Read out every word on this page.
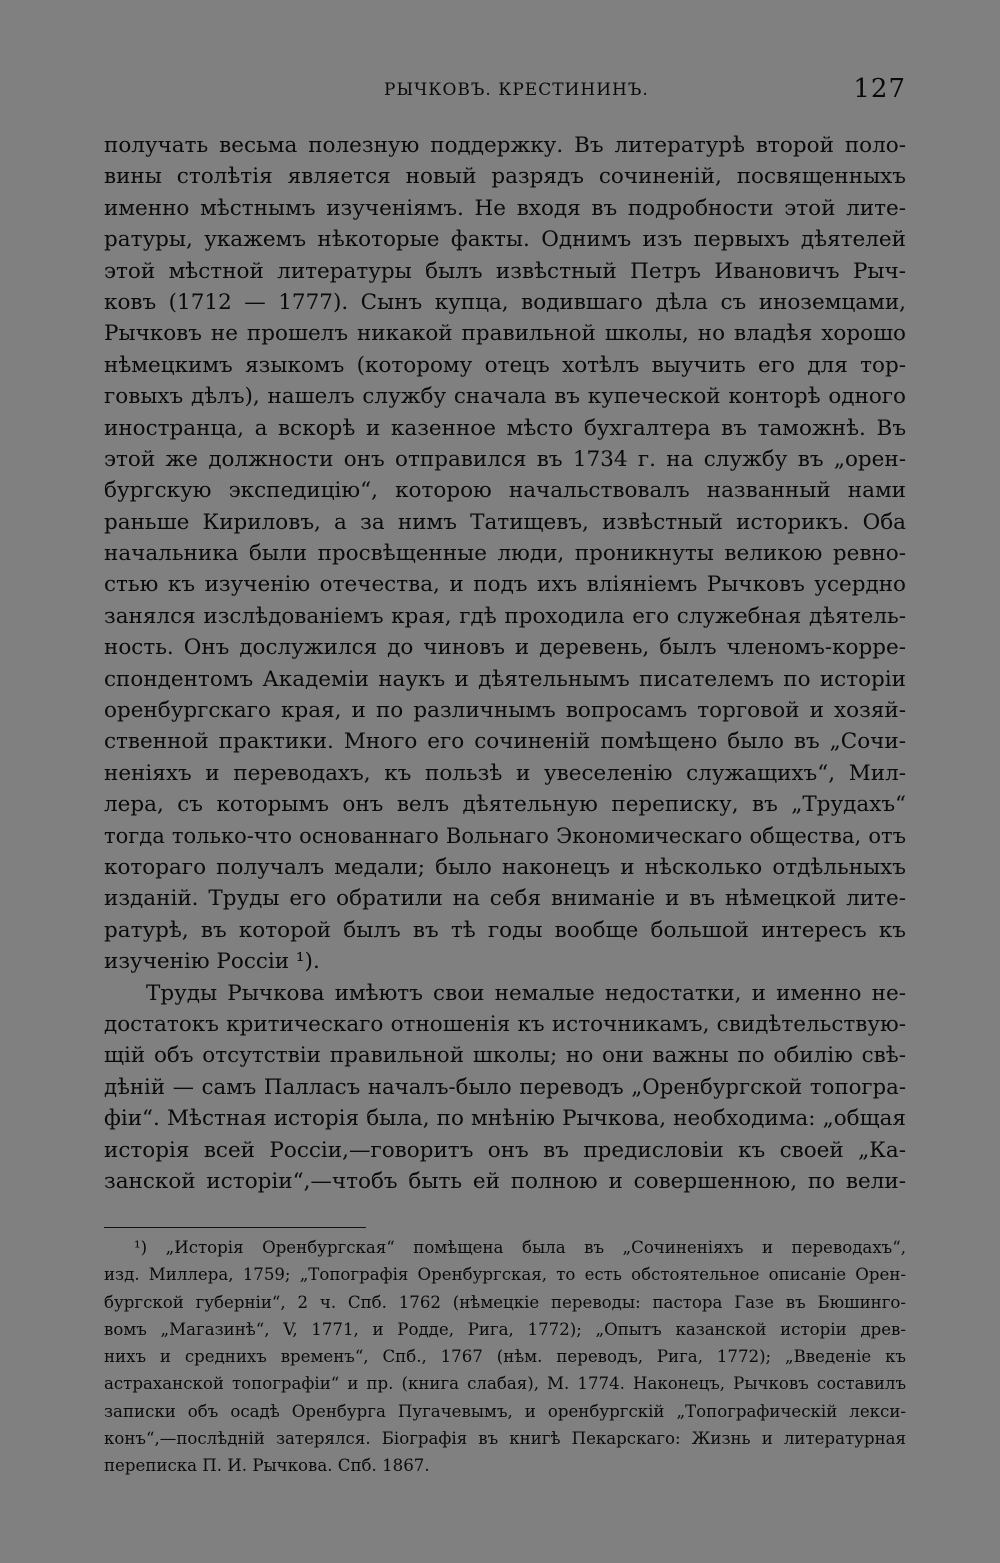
РЫЧКОВЪ. КРЕСТИНИНЪ.	127
получать весьма полезную поддержку. Въ литературѣ второй поло-
вины столѣтія является новый разрядъ сочиненій, посвященныхъ
именно мѣстнымъ изученіямъ. Не входя въ подробности этой лите-
ратуры, укажемъ нѣкоторые факты. Однимъ изъ первыхъ дѣятелей
этой мѣстной литературы былъ извѣстный Петръ Ивановичъ Рыч-
ковъ (1712 — 1777). Сынъ купца, водившаго дѣла съ иноземцами,
Рычковъ не прошелъ никакой правильной школы, но владѣя хорошо
нѣмецкимъ языкомъ (которому отецъ хотѣлъ выучить его для тор-
говыхъ дѣлъ), нашелъ службу сначала въ купеческой конторѣ одного
иностранца, а вскорѣ и казенное мѣсто бухгалтера въ таможнѣ. Въ
этой же должности онъ отправился въ 1734 г. на службу въ „орен-
бургскую экспедицію“, которою начальствовалъ названный нами
раньше Кириловъ, а за нимъ Татищевъ, извѣстный историкъ. Оба
начальника были просвѣщенные люди, проникнуты великою ревно-
стью къ изученію отечества, и подъ ихъ вліяніемъ Рычковъ усердно
занялся изслѣдованіемъ края, гдѣ проходила его служебная дѣятель-
ность. Онъ дослужился до чиновъ и деревень, былъ членомъ-корре-
спондентомъ Академіи наукъ и дѣятельнымъ писателемъ по исторіи
оренбургскаго края, и по различнымъ вопросамъ торговой и хозяй-
ственной практики. Много его сочиненій помѣщено было въ „Сочи-
неніяхъ и переводахъ, къ пользѣ и увеселенію служащихъ“, Мил-
лера, съ которымъ онъ велъ дѣятельную переписку, въ „Трудахъ“
тогда только-что основаннаго Вольнаго Экономическаго общества, отъ
котораго получалъ медали; было наконецъ и нѣсколько отдѣльныхъ
изданій. Труды его обратили на себя вниманіе и въ нѣмецкой лите-
ратурѣ, въ которой былъ въ тѣ годы вообще большой интересъ къ
изученію Россіи ¹).
Труды Рычкова имѣютъ свои немалые недостатки, и именно не-
достатокъ критическаго отношенія къ источникамъ, свидѣтельствую-
щій объ отсутствіи правильной школы; но они важны по обилію свѣ-
дѣній — самъ Палласъ началъ-было переводъ „Оренбургской топогра-
фіи“. Мѣстная исторія была, по мнѣнію Рычкова, необходима: „общая
исторія всей Россіи,—говоритъ онъ въ предисловіи къ своей „Ка-
занской исторіи“,—чтобъ быть ей полною и совершенною, по вели-
¹) „Исторія Оренбургская“ помѣщена была въ „Сочиненіяхъ и переводахъ“,
изд. Миллера, 1759; „Топографія Оренбургская, то есть обстоятельное описаніе Орен-
бургской губерніи“, 2 ч. Спб. 1762 (нѣмецкіе переводы: пастора Газе въ Бюшинго-
вомъ „Магазинѣ“, V, 1771, и Родде, Рига, 1772); „Опытъ казанской исторіи древ-
нихъ и среднихъ временъ“, Спб., 1767 (нѣм. переводъ, Рига, 1772); „Введеніе къ
астраханской топографіи“ и пр. (книга слабая), М. 1774. Наконецъ, Рычковъ составилъ
записки объ осадѣ Оренбурга Пугачевымъ, и оренбургскій „Топографическій лекси-
конъ“,—послѣдній затерялся. Біографія въ книгѣ Пекарскаго: Жизнь и литературная
переписка П. И. Рычкова. Спб. 1867.
